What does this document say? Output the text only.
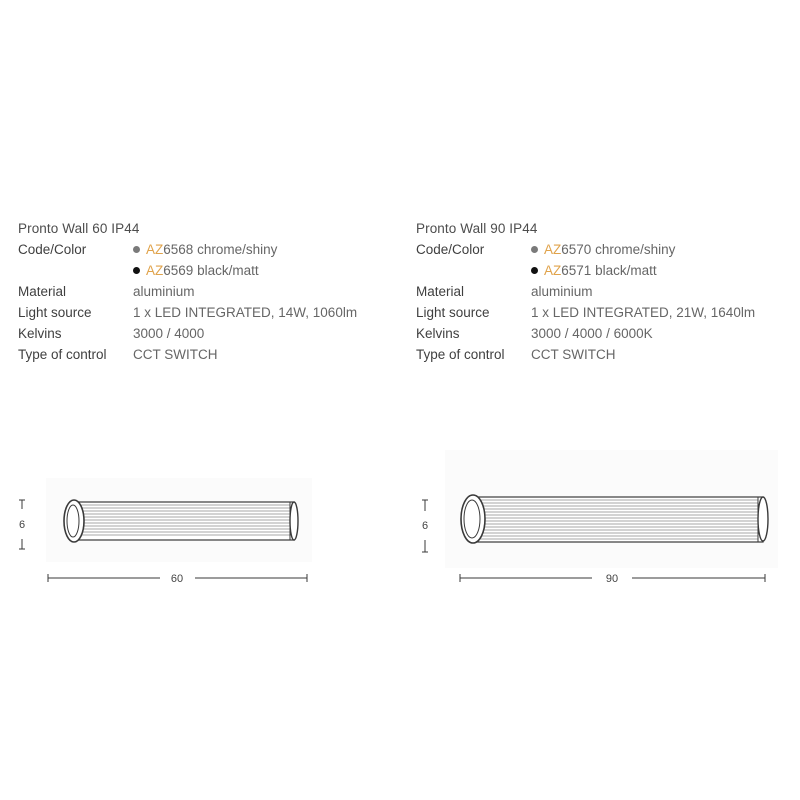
Pronto Wall 60 IP44
Code/Color	AZ6568 chrome/shiny
AZ6569 black/matt
Material	aluminium
Light source	1 x LED INTEGRATED, 14W, 1060lm
Kelvins	3000 / 4000
Type of control	CCT SWITCH
Pronto Wall 90 IP44
Code/Color	AZ6570 chrome/shiny
AZ6571 black/matt
Material	aluminium
Light source	1 x LED INTEGRATED, 21W, 1640lm
Kelvins	3000 / 4000 / 6000K
Type of control	CCT SWITCH
6
60
6
90
